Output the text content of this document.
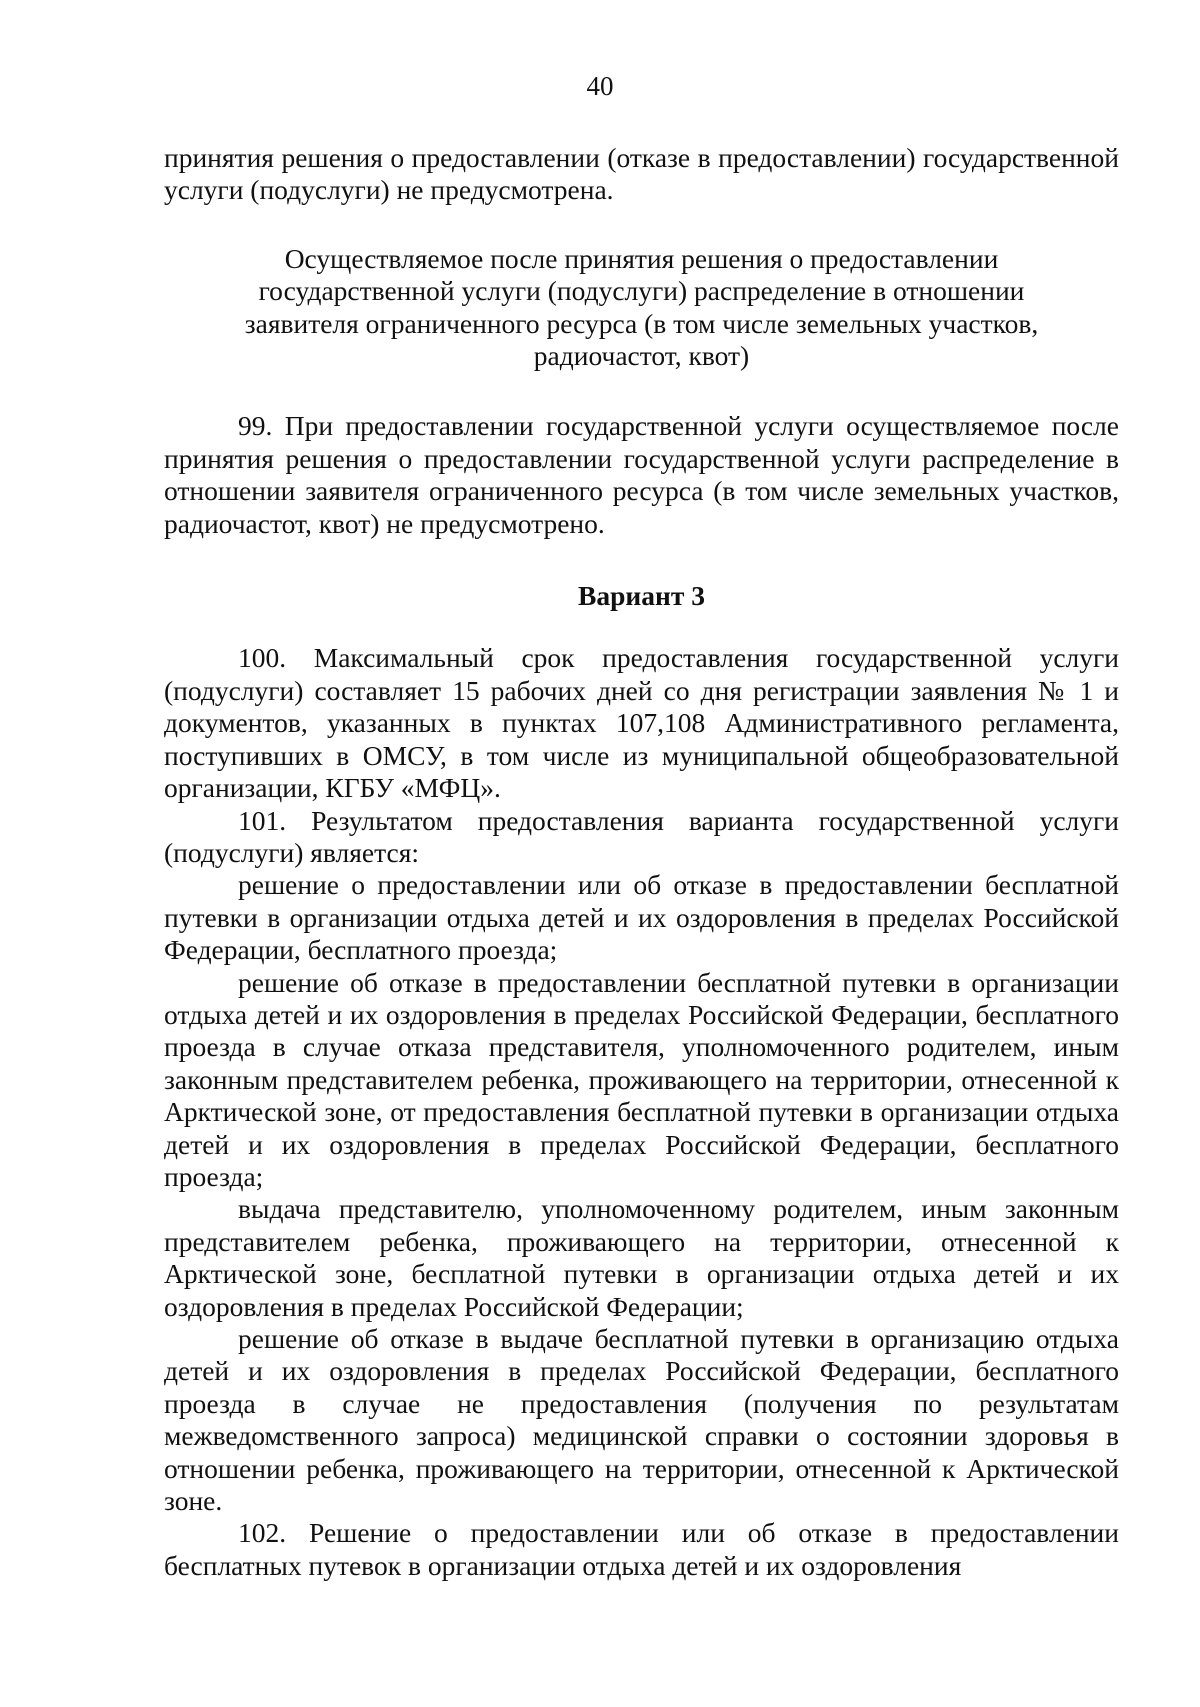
40

принятия решения о предоставлении (отказе в предоставлении) государственной услуги (подуслуги) не предусмотрена.

Осуществляемое после принятия решения о предоставлении государственной услуги (подуслуги) распределение в отношении заявителя ограниченного ресурса (в том числе земельных участков, радиочастот, квот)

99. При предоставлении государственной услуги осуществляемое после принятия решения о предоставлении государственной услуги распределение в отношении заявителя ограниченного ресурса (в том числе земельных участков, радиочастот, квот) не предусмотрено.

Вариант 3

100. Максимальный срок предоставления государственной услуги (подуслуги) составляет 15 рабочих дней со дня регистрации заявления № 1 и документов, указанных в пунктах 107,108 Административного регламента, поступивших в ОМСУ, в том числе из муниципальной общеобразовательной организации, КГБУ «МФЦ».

101. Результатом предоставления варианта государственной услуги (подуслуги) является:

решение о предоставлении или об отказе в предоставлении бесплатной путевки в организации отдыха детей и их оздоровления в пределах Российской Федерации, бесплатного проезда;

решение об отказе в предоставлении бесплатной путевки в организации отдыха детей и их оздоровления в пределах Российской Федерации, бесплатного проезда в случае отказа представителя, уполномоченного родителем, иным законным представителем ребенка, проживающего на территории, отнесенной к Арктической зоне, от предоставления бесплатной путевки в организации отдыха детей и их оздоровления в пределах Российской Федерации, бесплатного проезда;

выдача представителю, уполномоченному родителем, иным законным представителем ребенка, проживающего на территории, отнесенной к Арктической зоне, бесплатной путевки в организации отдыха детей и их оздоровления в пределах Российской Федерации;

решение об отказе в выдаче бесплатной путевки в организацию отдыха детей и их оздоровления в пределах Российской Федерации, бесплатного проезда в случае не предоставления (получения по результатам межведомственного запроса) медицинской справки о состоянии здоровья в отношении ребенка, проживающего на территории, отнесенной к Арктической зоне.

102. Решение о предоставлении или об отказе в предоставлении бесплатных путевок в организации отдыха детей и их оздоровления
